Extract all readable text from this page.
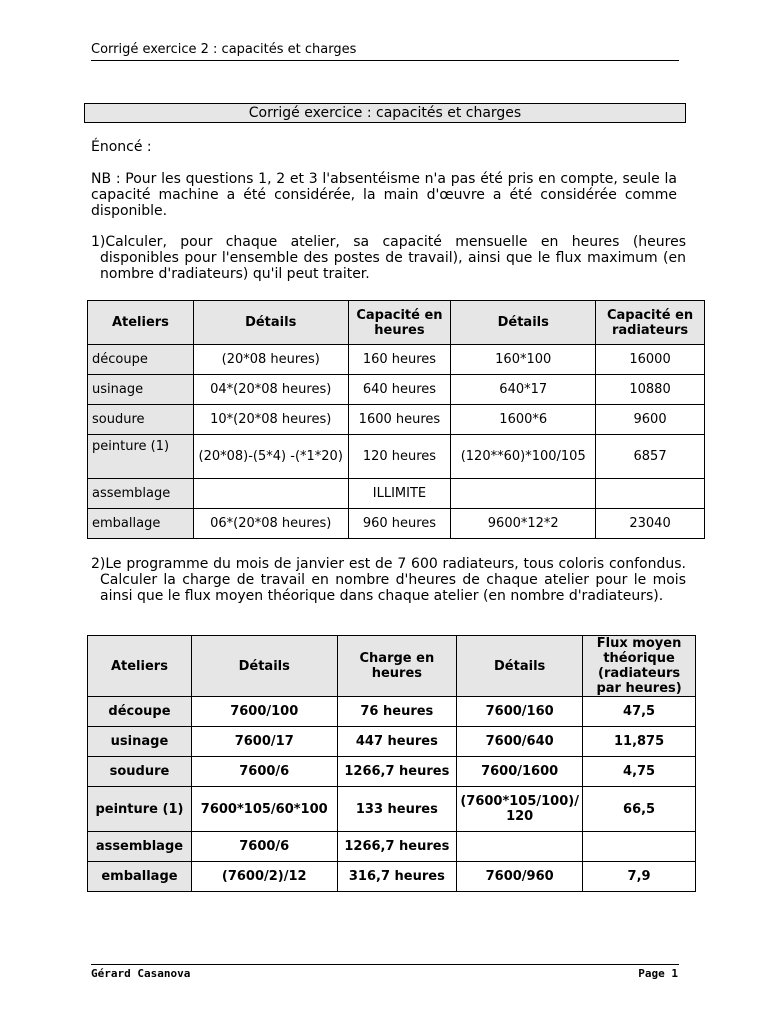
Corrigé exercice 2 : capacités et charges
Corrigé exercice : capacités et charges
Énoncé :
NB : Pour les questions 1, 2 et 3 l'absentéisme n'a pas été pris en compte, seule la capacité machine a été considérée, la main d'œuvre a été considérée comme disponible.
1)Calculer, pour chaque atelier, sa capacité mensuelle en heures (heures disponibles pour l'ensemble des postes de travail), ainsi que le flux maximum (en nombre d'radiateurs) qu'il peut traiter.
Ateliers	Détails	Capacité en heures	Détails	Capacité en radiateurs
découpe	(20*08 heures)	160 heures	160*100	16000
usinage	04*(20*08 heures)	640 heures	640*17	10880
soudure	10*(20*08 heures)	1600 heures	1600*6	9600
peinture (1)	(20*08)-(5*4) -(*1*20)	120 heures	(120**60)*100/105	6857
assemblage		ILLIMITE		
emballage	06*(20*08 heures)	960 heures	9600*12*2	23040
2)Le programme du mois de janvier est de 7 600 radiateurs, tous coloris confondus. Calculer la charge de travail en nombre d'heures de chaque atelier pour le mois ainsi que le flux moyen théorique dans chaque atelier (en nombre d'radiateurs).
Ateliers	Détails	Charge en heures	Détails	Flux moyen théorique (radiateurs par heures)
découpe	7600/100	76 heures	7600/160	47,5
usinage	7600/17	447 heures	7600/640	11,875
soudure	7600/6	1266,7 heures	7600/1600	4,75
peinture (1)	7600*105/60*100	133 heures	(7600*105/100)/ 120	66,5
assemblage	7600/6	1266,7 heures		
emballage	(7600/2)/12	316,7 heures	7600/960	7,9
Gérard Casanova	Page 1
